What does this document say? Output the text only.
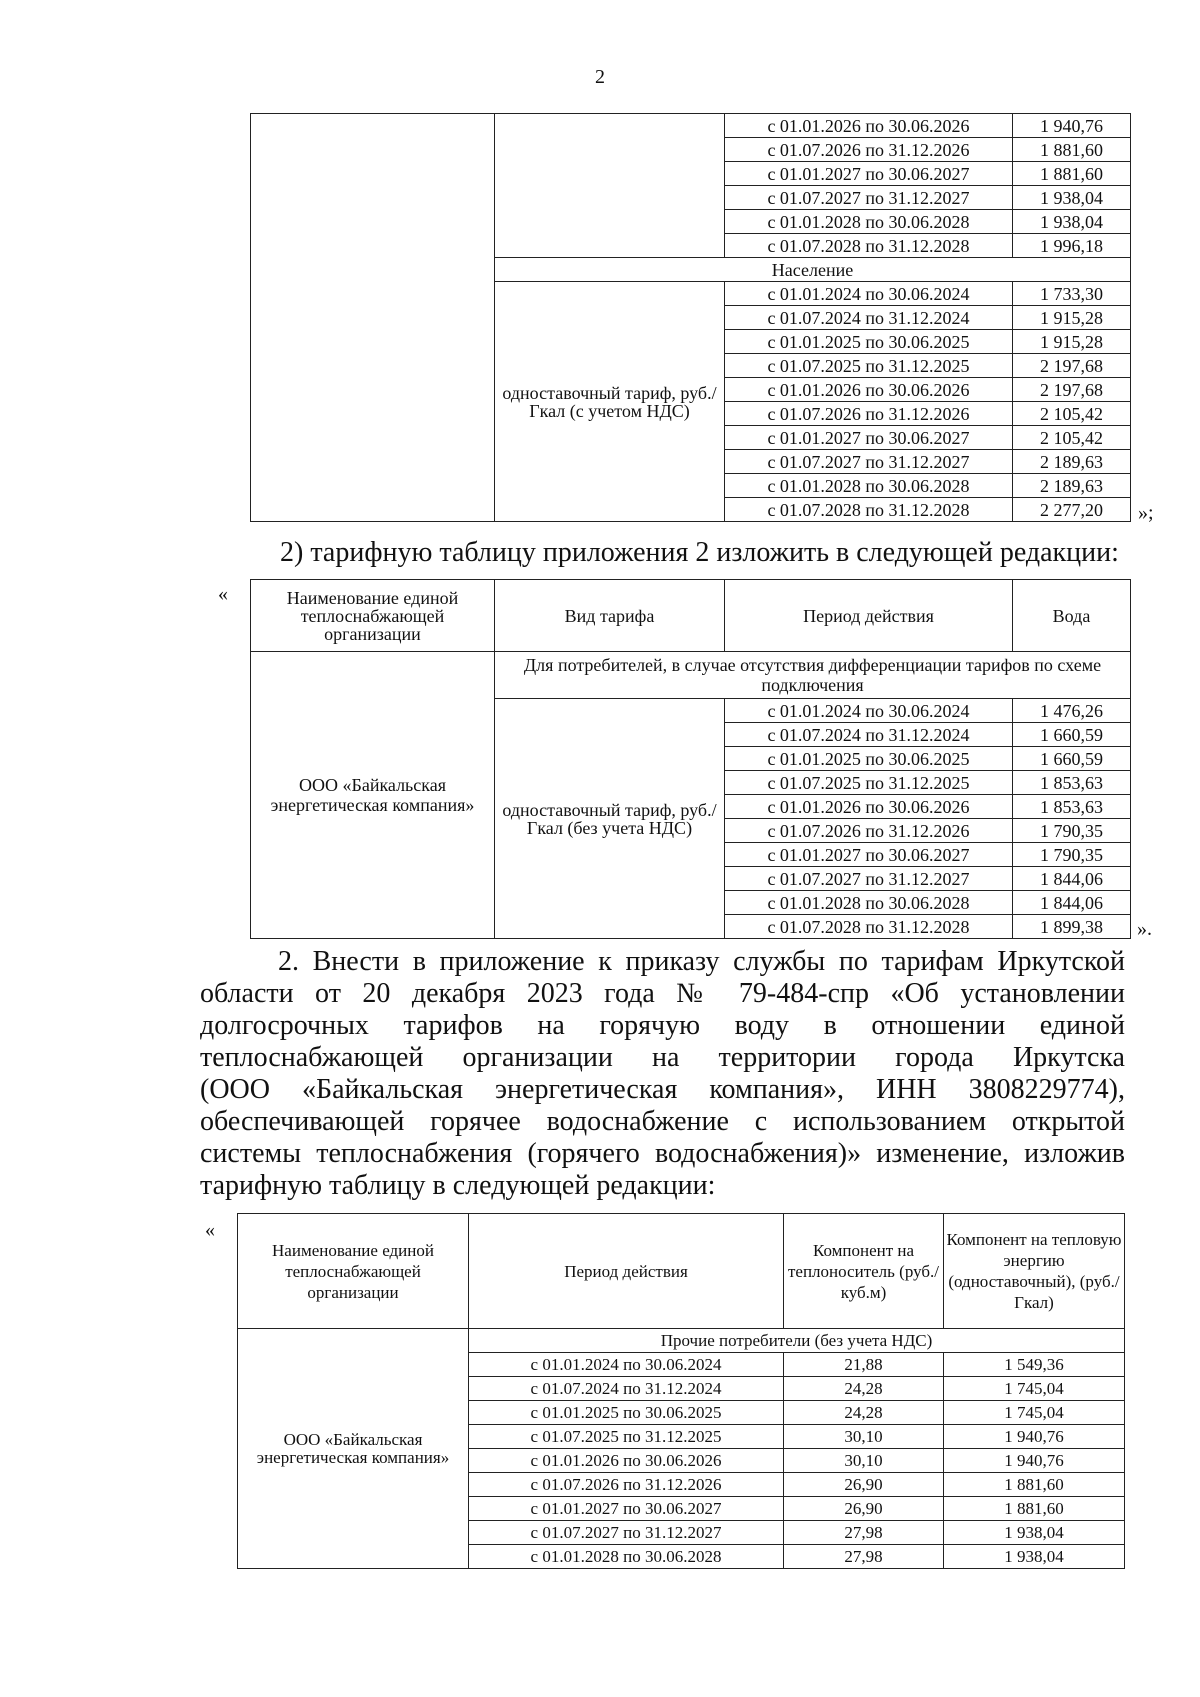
2
		с 01.01.2026 по 30.06.2026	1 940,76
		с 01.07.2026 по 31.12.2026	1 881,60
		с 01.01.2027 по 30.06.2027	1 881,60
		с 01.07.2027 по 31.12.2027	1 938,04
		с 01.01.2028 по 30.06.2028	1 938,04
		с 01.07.2028 по 31.12.2028	1 996,18
	Население		
	одноставочный тариф, руб./Гкал (с учетом НДС)	с 01.01.2024 по 30.06.2024	1 733,30
		с 01.07.2024 по 31.12.2024	1 915,28
		с 01.01.2025 по 30.06.2025	1 915,28
		с 01.07.2025 по 31.12.2025	2 197,68
		с 01.01.2026 по 30.06.2026	2 197,68
		с 01.07.2026 по 31.12.2026	2 105,42
		с 01.01.2027 по 30.06.2027	2 105,42
		с 01.07.2027 по 31.12.2027	2 189,63
		с 01.01.2028 по 30.06.2028	2 189,63
		с 01.07.2028 по 31.12.2028	2 277,20 »;

2) тарифную таблицу приложения 2 изложить в следующей редакции:

«	Наименование единой теплоснабжающей организации	Вид тарифа	Период действия	Вода
ООО «Байкальская энергетическая компания»	Для потребителей, в случае отсутствия дифференциации тарифов по схеме подключения		
	одноставочный тариф, руб./Гкал (без учета НДС)	с 01.01.2024 по 30.06.2024	1 476,26
		с 01.07.2024 по 31.12.2024	1 660,59
		с 01.01.2025 по 30.06.2025	1 660,59
		с 01.07.2025 по 31.12.2025	1 853,63
		с 01.01.2026 по 30.06.2026	1 853,63
		с 01.07.2026 по 31.12.2026	1 790,35
		с 01.01.2027 по 30.06.2027	1 790,35
		с 01.07.2027 по 31.12.2027	1 844,06
		с 01.01.2028 по 30.06.2028	1 844,06
		с 01.07.2028 по 31.12.2028	1 899,38 ».

2. Внести в приложение к приказу службы по тарифам Иркутской

области от 20 декабря 2023 года № 79-484-спр «Об установлении

долгосрочных тарифов на горячую воду в отношении единой

теплоснабжающей организации на территории города Иркутска

(ООО «Байкальская энергетическая компания», ИНН 3808229774),

обеспечивающей горячее водоснабжение с использованием открытой

системы теплоснабжения (горячего водоснабжения)» изменение, изложив

тарифную таблицу в следующей редакции:

«
Наименование единой теплоснабжающей организации	Период действия	Компонент на теплоноситель (руб./куб.м)	Компонент на тепловую энергию (одноставочный), (руб./Гкал)
ООО «Байкальская энергетическая компания»	Прочие потребители (без учета НДС)		
	с 01.01.2024 по 30.06.2024	21,88	1 549,36
	с 01.07.2024 по 31.12.2024	24,28	1 745,04
	с 01.01.2025 по 30.06.2025	24,28	1 745,04
	с 01.07.2025 по 31.12.2025	30,10	1 940,76
	с 01.01.2026 по 30.06.2026	30,10	1 940,76
	с 01.07.2026 по 31.12.2026	26,90	1 881,60
	с 01.01.2027 по 30.06.2027	26,90	1 881,60
	с 01.07.2027 по 31.12.2027	27,98	1 938,04
	с 01.01.2028 по 30.06.2028	27,98	1 938,04
